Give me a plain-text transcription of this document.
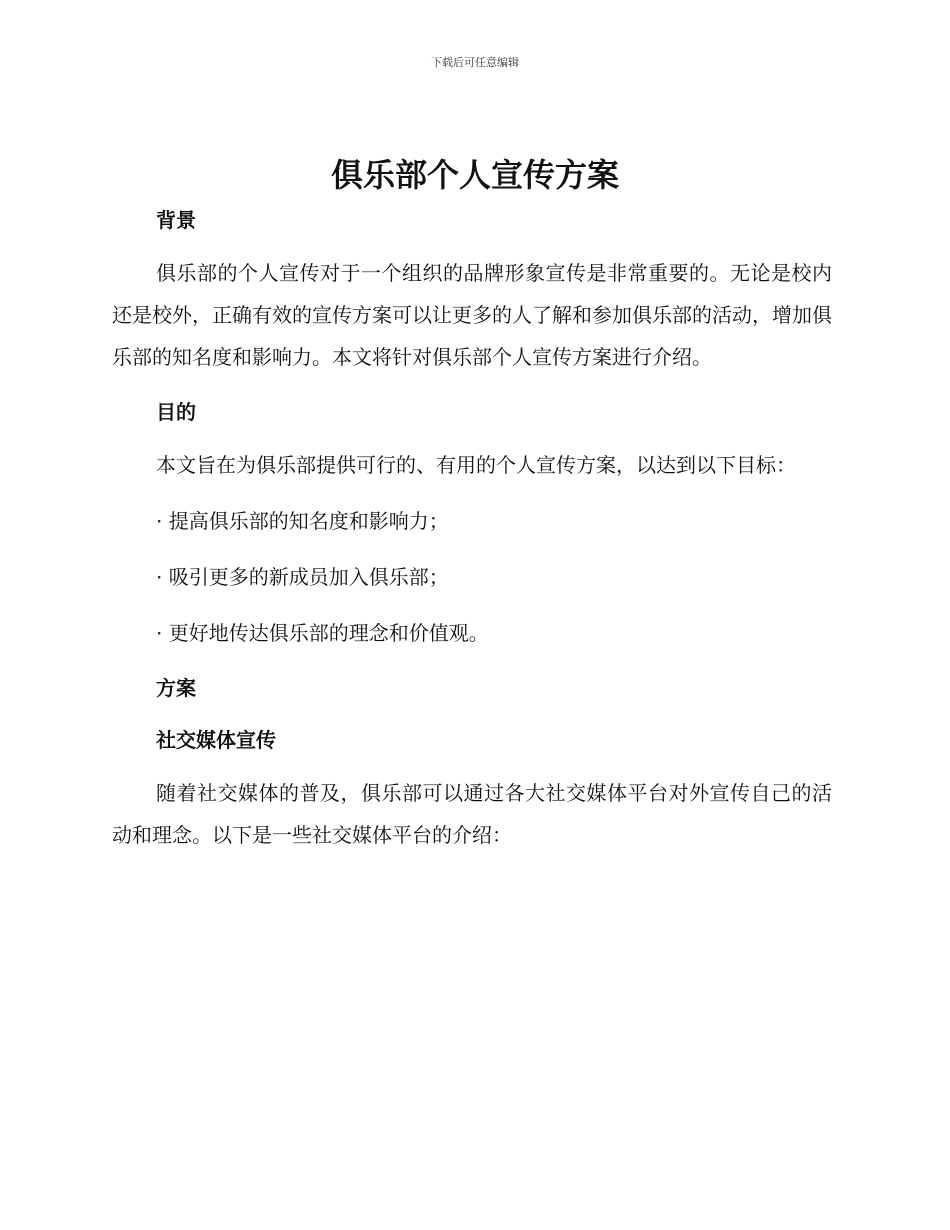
下载后可任意编辑
俱乐部个人宣传方案
背景

俱乐部的个人宣传对于一个组织的品牌形象宣传是非常重要的。无论是校内还是校外，正确有效的宣传方案可以让更多的人了解和参加俱乐部的活动，增加俱乐部的知名度和影响力。本文将针对俱乐部个人宣传方案进行介绍。

目的

本文旨在为俱乐部提供可行的、有用的个人宣传方案，以达到以下目标：

· 提高俱乐部的知名度和影响力；

· 吸引更多的新成员加入俱乐部；

· 更好地传达俱乐部的理念和价值观。

方案
社交媒体宣传

随着社交媒体的普及，俱乐部可以通过各大社交媒体平台对外宣传自己的活动和理念。以下是一些社交媒体平台的介绍：
